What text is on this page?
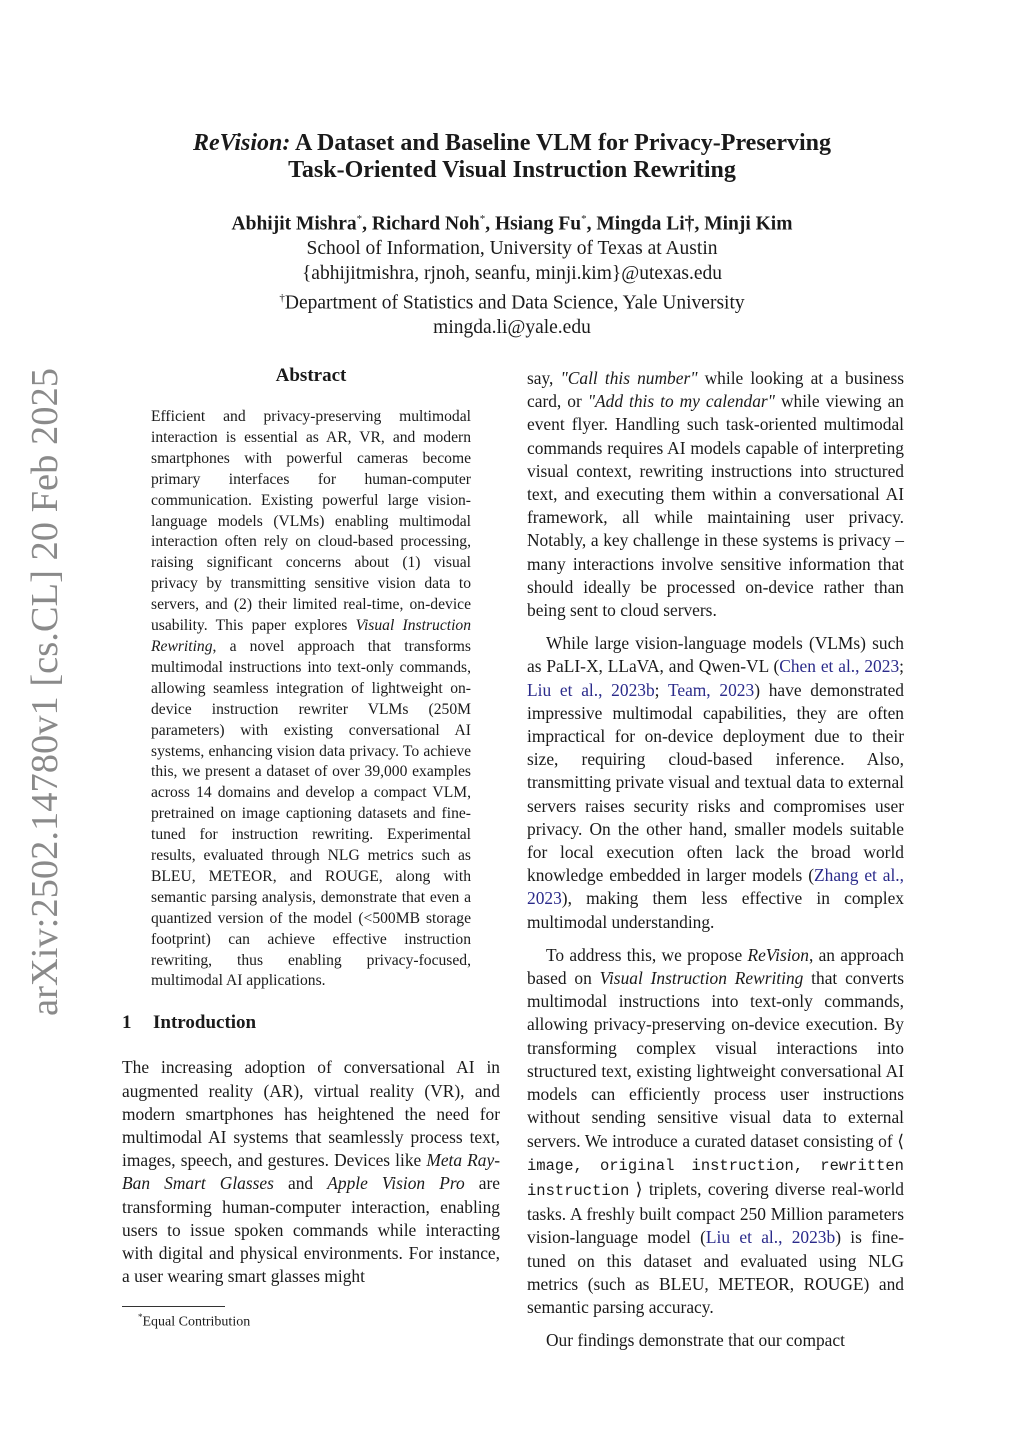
arXiv:2502.14780v1 [cs.CL] 20 Feb 2025
ReVision: A Dataset and Baseline VLM for Privacy-Preserving
Task-Oriented Visual Instruction Rewriting
Abhijit Mishra*, Richard Noh*, Hsiang Fu*, Mingda Li†, Minji Kim
School of Information, University of Texas at Austin
{abhijitmishra, rjnoh, seanfu, minji.kim}@utexas.edu
†Department of Statistics and Data Science, Yale University
mingda.li@yale.edu
Abstract
Efficient and privacy-preserving multimodal interaction is essential as AR, VR, and modern smartphones with powerful cameras become primary interfaces for human-computer communication. Existing powerful large vision-language models (VLMs) enabling multimodal interaction often rely on cloud-based processing, raising significant concerns about (1) visual privacy by transmitting sensitive vision data to servers, and (2) their limited real-time, on-device usability. This paper explores Visual Instruction Rewriting, a novel approach that transforms multimodal instructions into text-only commands, allowing seamless integration of lightweight on-device instruction rewriter VLMs (250M parameters) with existing conversational AI systems, enhancing vision data privacy. To achieve this, we present a dataset of over 39,000 examples across 14 domains and develop a compact VLM, pretrained on image captioning datasets and fine-tuned for instruction rewriting. Experimental results, evaluated through NLG metrics such as BLEU, METEOR, and ROUGE, along with semantic parsing analysis, demonstrate that even a quantized version of the model (<500MB storage footprint) can achieve effective instruction rewriting, thus enabling privacy-focused, multimodal AI applications.
1 Introduction

The increasing adoption of conversational AI in augmented reality (AR), virtual reality (VR), and modern smartphones has heightened the need for multimodal AI systems that seamlessly process text, images, speech, and gestures. Devices like Meta Ray-Ban Smart Glasses and Apple Vision Pro are transforming human-computer interaction, enabling users to issue spoken commands while interacting with digital and physical environments. For instance, a user wearing smart glasses might

say, "Call this number" while looking at a business card, or "Add this to my calendar" while viewing an event flyer. Handling such task-oriented multimodal commands requires AI models capable of interpreting visual context, rewriting instructions into structured text, and executing them within a conversational AI framework, all while maintaining user privacy. Notably, a key challenge in these systems is privacy – many interactions involve sensitive information that should ideally be processed on-device rather than being sent to cloud servers.

While large vision-language models (VLMs) such as PaLI-X, LLaVA, and Qwen-VL (Chen et al., 2023; Liu et al., 2023b; Team, 2023) have demonstrated impressive multimodal capabilities, they are often impractical for on-device deployment due to their size, requiring cloud-based inference. Also, transmitting private visual and textual data to external servers raises security risks and compromises user privacy. On the other hand, smaller models suitable for local execution often lack the broad world knowledge embedded in larger models (Zhang et al., 2023), making them less effective in complex multimodal understanding.

To address this, we propose ReVision, an approach based on Visual Instruction Rewriting that converts multimodal instructions into text-only commands, allowing privacy-preserving on-device execution. By transforming complex visual interactions into structured text, existing lightweight conversational AI models can efficiently process user instructions without sending sensitive visual data to external servers. We introduce a curated dataset consisting of ⟨ image, original instruction, rewritten instruction ⟩ triplets, covering diverse real-world tasks. A freshly built compact 250 Million parameters vision-language model (Liu et al., 2023b) is fine-tuned on this dataset and evaluated using NLG metrics (such as BLEU, METEOR, ROUGE) and semantic parsing accuracy.

Our findings demonstrate that our compact

*Equal Contribution
